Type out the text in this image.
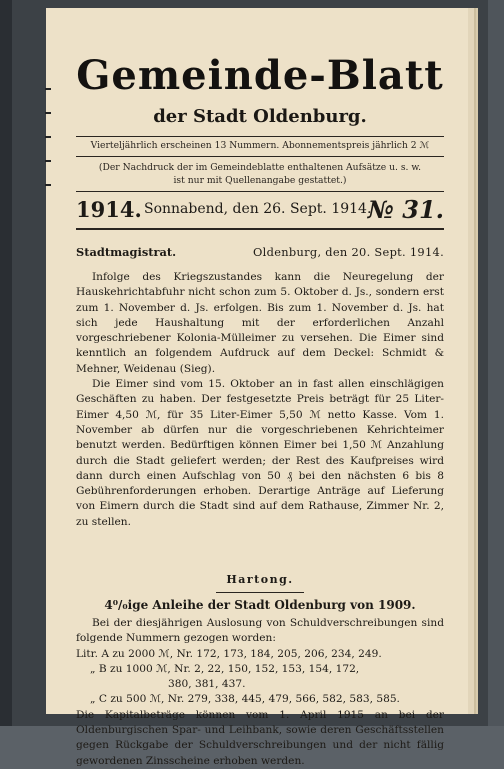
Gemeinde-Blatt
der Stadt Oldenburg.
Vierteljährlich erscheinen 13 Nummern. Abonnementspreis jährlich 2 ℳ
(Der Nachdruck der im Gemeindeblatte enthaltenen Aufsätze u. s. w.
ist nur mit Quellenangabe gestattet.)
1914. Sonnabend, den 26. Sept. 1914.
№ 31.
Stadtmagistrat.	Oldenburg, den 20. Sept. 1914.

Infolge des Kriegszustandes kann die Neuregelung der Hauskehrichtabfuhr nicht schon zum 5. Oktober d. Js., sondern erst zum 1. November d. Js. erfolgen. Bis zum 1. November d. Js. hat sich jede Haushaltung mit der erforderlichen Anzahl vorgeschriebener Kolonia-Mülleimer zu versehen. Die Eimer sind kenntlich an folgendem Aufdruck auf dem Deckel: Schmidt & Mehner, Weidenau (Sieg).

Die Eimer sind vom 15. Oktober an in fast allen einschlägigen Geschäften zu haben. Der festgesetzte Preis beträgt für 25 Liter-Eimer 4,50 ℳ, für 35 Liter-Eimer 5,50 ℳ netto Kasse. Vom 1. November ab dürfen nur die vorgeschriebenen Kehrichteimer benutzt werden. Bedürftigen können Eimer bei 1,50 ℳ Anzahlung durch die Stadt geliefert werden; der Rest des Kaufpreises wird dann durch einen Aufschlag von 50 ₰ bei den nächsten 6 bis 8 Gebührenforderungen erhoben. Derartige Anträge auf Lieferung von Eimern durch die Stadt sind auf dem Rathause, Zimmer Nr. 2, zu stellen.

Hartong.
4⁰/₀ige Anleihe der Stadt Oldenburg von 1909.

Bei der diesjährigen Auslosung von Schuldverschreibungen sind folgende Nummern gezogen worden:

Litr. A zu 2000 ℳ, Nr. 172, 173, 184, 205, 206, 234, 249.

„ B zu 1000 ℳ, Nr. 2, 22, 150, 152, 153, 154, 172,

380, 381, 437.

„ C zu 500 ℳ, Nr. 279, 338, 445, 479, 566, 582, 583, 585.

Die Kapitalbeträge können vom 1. April 1915 an bei der Oldenburgischen Spar- und Leihbank, sowie deren Geschäftsstellen gegen Rückgabe der Schuldverschreibungen und der nicht fällig gewordenen Zinsscheine erhoben werden.
